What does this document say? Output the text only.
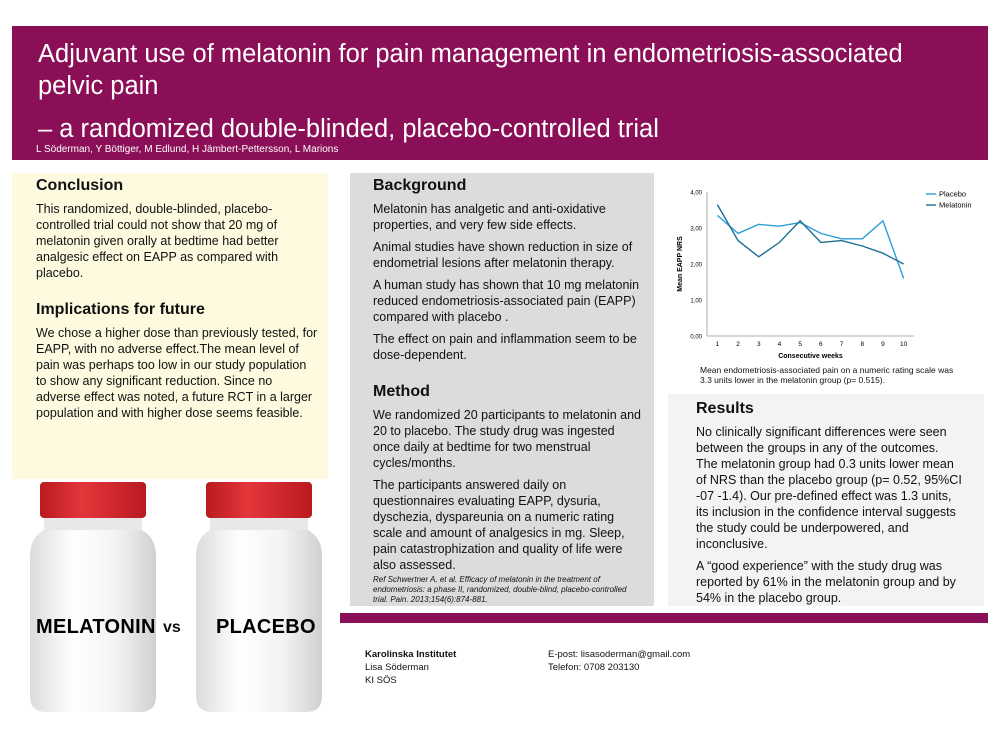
Adjuvant use of melatonin for pain management in endometriosis-associated pelvic pain
– a randomized double-blinded, placebo-controlled trial
L Söderman, Y Böttiger, M Edlund, H Jämbert-Pettersson, L Marions
Conclusion

This randomized, double-blinded, placebo-controlled trial could not show that 20 mg of melatonin given orally at bedtime had better analgesic effect on EAPP as compared with placebo.

Implications for future

We chose a higher dose than previously tested, for EAPP, with no adverse effect.The mean level of pain was perhaps too low in our study population to show any significant reduction. Since no adverse effect was noted, a future RCT in a larger population and with higher dose seems feasible.

Background

Melatonin has analgetic and anti-oxidative properties, and very few side effects.

Animal studies have shown reduction in size of endometrial lesions after melatonin therapy.

A human study has shown that 10 mg melatonin reduced endometriosis-associated pain (EAPP) compared with placebo .

The effect on pain and inflammation seem to be dose-dependent.

Method

We randomized 20 participants to melatonin and 20 to placebo. The study drug was ingested once daily at bedtime for two menstrual cycles/months.

The participants answered daily on questionnaires evaluating EAPP, dysuria, dyschezia, dyspareunia on a numeric rating scale and amount of analgesics in mg. Sleep, pain catastrophization and quality of life were also assessed.

Ref Schwertner A, et al. Efficacy of melatonin in the treatment of endometriosis: a phase II, randomized, double-blind, placebo-controlled trial. Pain. 2013;154(6):874-881.

0,00
1,00
2,00
3,00
4,00
1	2	3	4	5	6	7	8	9 10
Consecutive weeks
Mean EAPP NRS
Placebo
Melatonin

Mean endometriosis-associated pain on a numeric rating scale was 3.3 units lower in the melatonin group (p= 0.515).

Results

No clinically significant differences were seen between the groups in any of the outcomes. The melatonin group had 0.3 units lower mean of NRS than the placebo group (p= 0.52, 95%CI -07 -1.4). Our pre-defined effect was 1.3 units, its inclusion in the confidence interval suggests the study could be underpowered, and inconclusive.

A “good experience” with the study drug was reported by 61% in the melatonin group and by 54% in the placebo group.

MELATONIN vs PLACEBO
Karolinska Institutet
Lisa Söderman
KI SÖS
E-post: lisasoderman@gmail.com
Telefon: 0708 203130
